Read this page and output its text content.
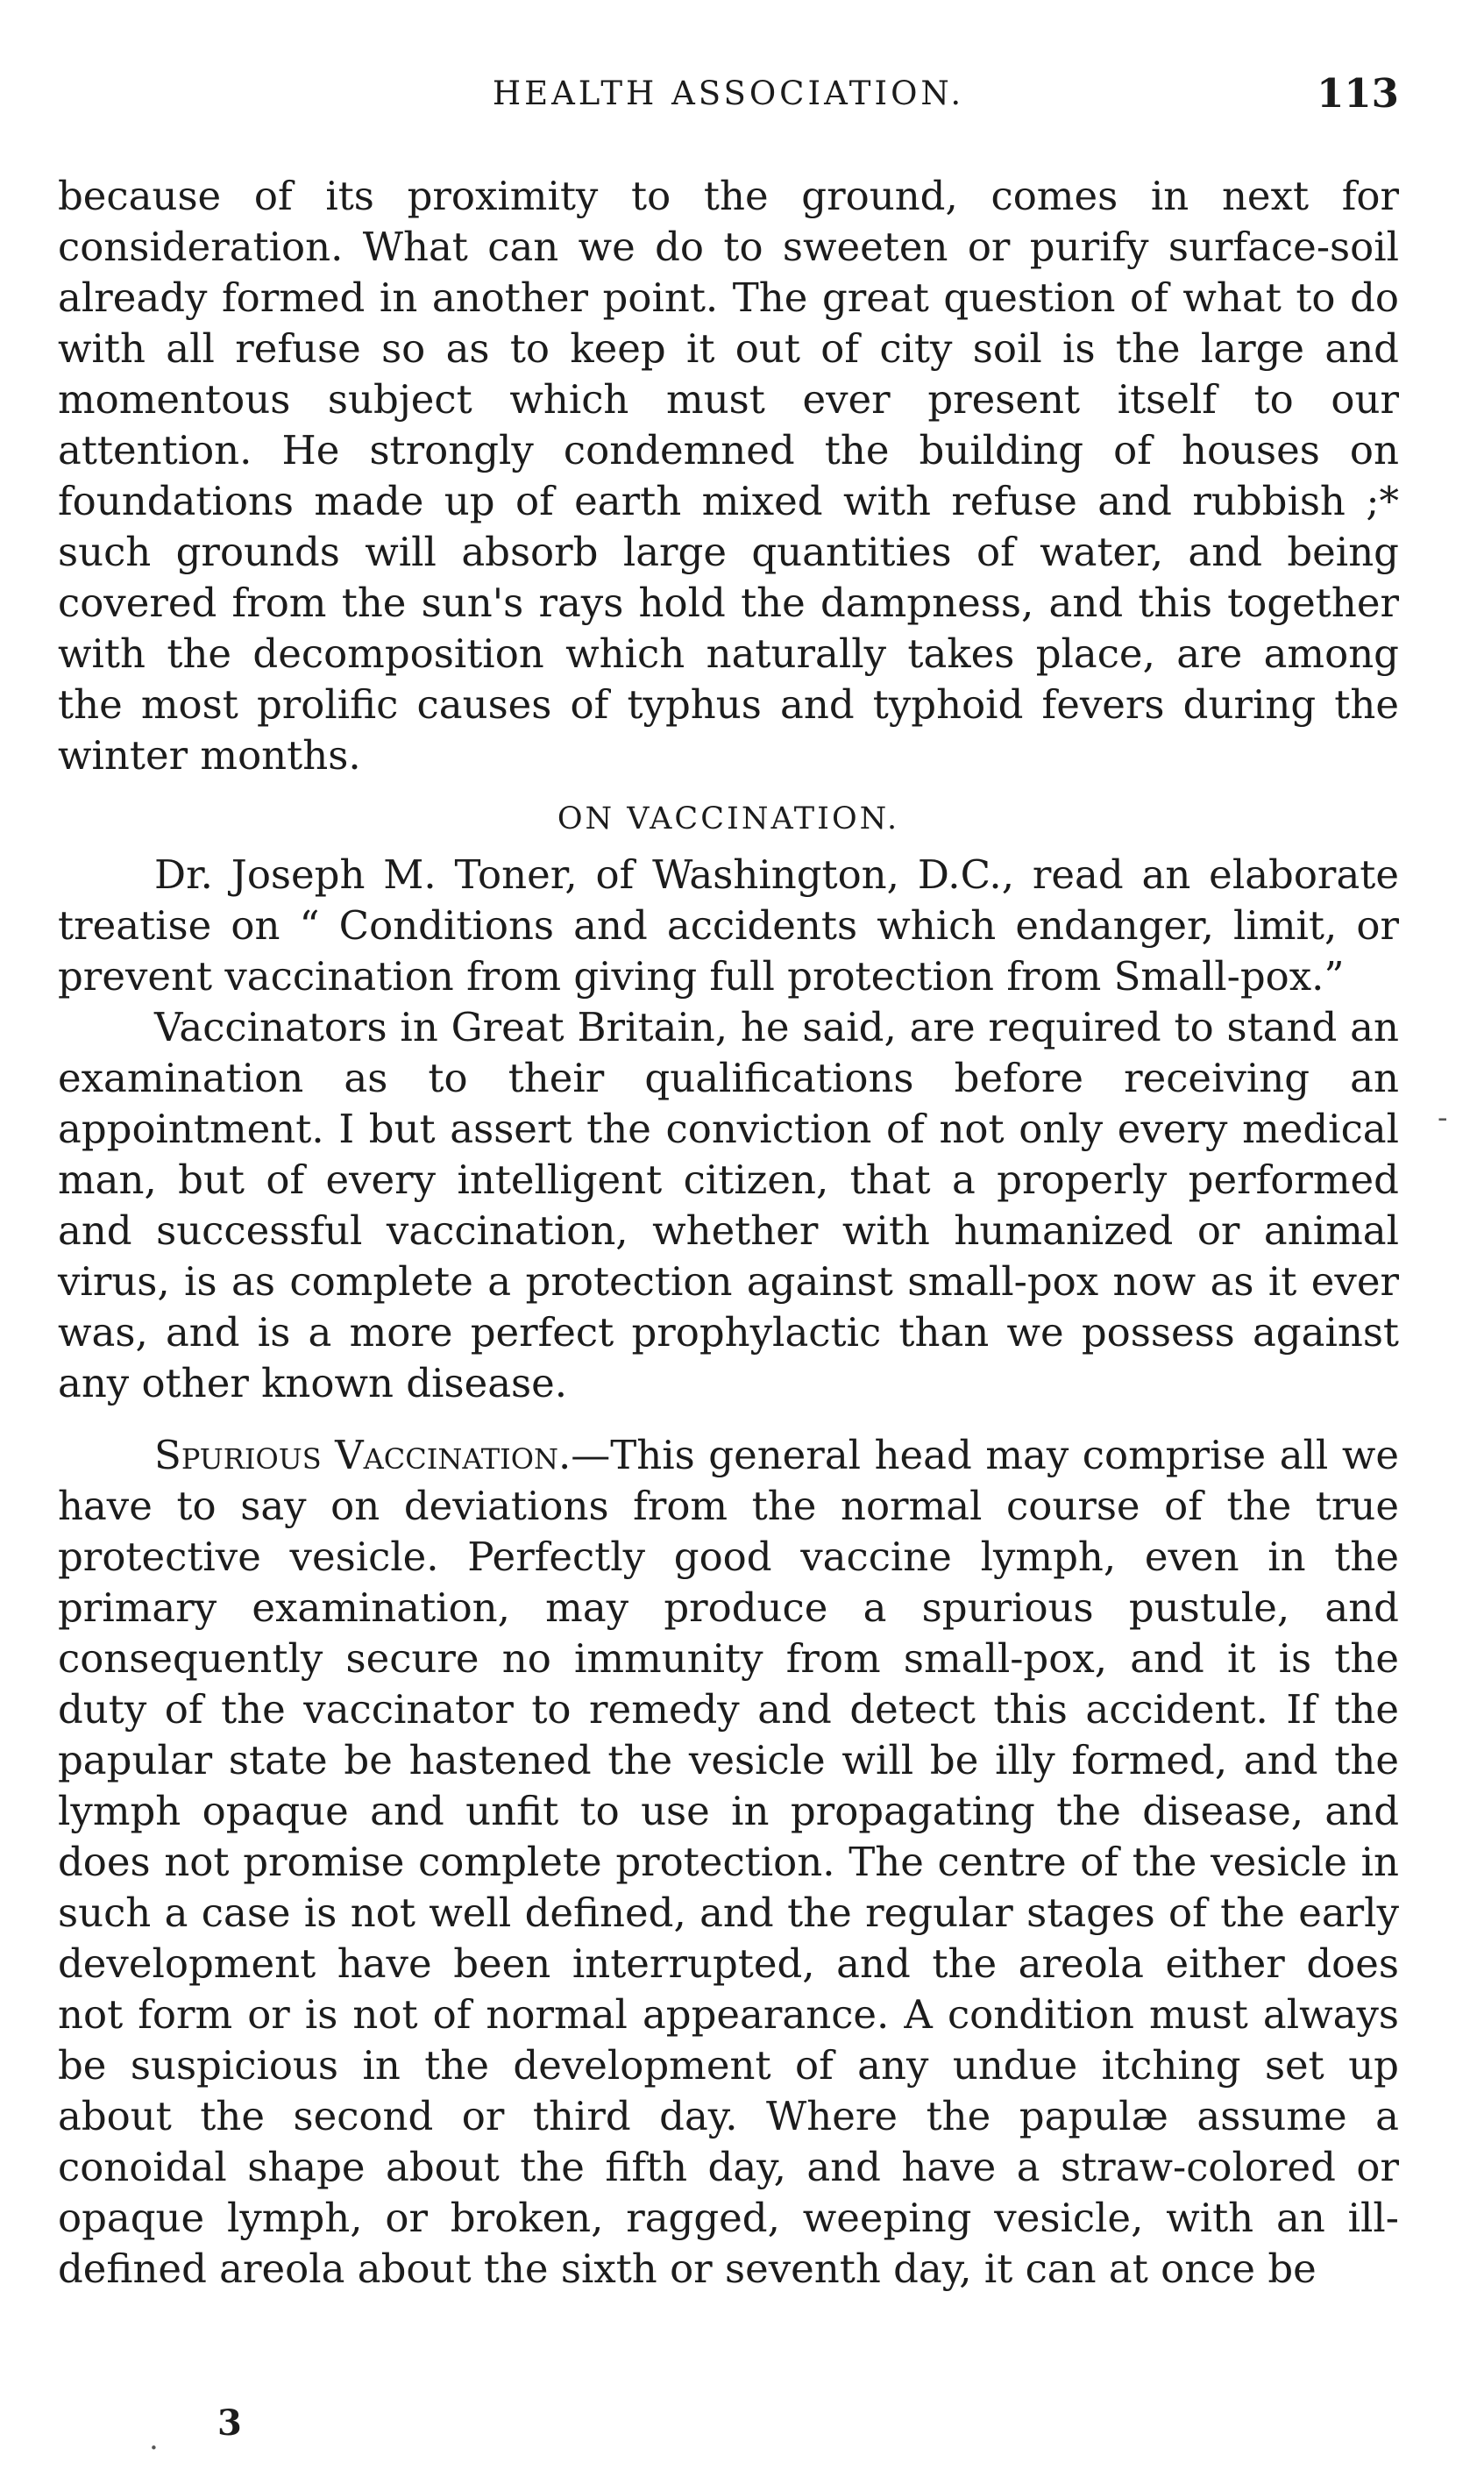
HEALTH ASSOCIATION.	113

because of its proximity to the ground, comes in next for consideration. What can we do to sweeten or purify surface-soil already formed in another point. The great question of what to do with all refuse so as to keep it out of city soil is the large and momentous subject which must ever present itself to our attention. He strongly condemned the building of houses on foundations made up of earth mixed with refuse and rubbish ;* such grounds will absorb large quantities of water, and being covered from the sun's rays hold the dampness, and this together with the decomposition which naturally takes place, are among the most prolific causes of typhus and typhoid fevers during the winter months.

ON VACCINATION.

Dr. Joseph M. Toner, of Washington, D.C., read an elaborate treatise on “ Conditions and accidents which endanger, limit, or prevent vaccination from giving full protection from Small-pox.”

Vaccinators in Great Britain, he said, are required to stand an examination as to their qualifications before receiving an appointment. I but assert the conviction of not only every medical man, but of every intelligent citizen, that a properly performed and successful vaccination, whether with humanized or animal virus, is as complete a protection against small-pox now as it ever was, and is a more perfect prophylactic than we possess against any other known disease.

Spurious Vaccination.—This general head may comprise all we have to say on deviations from the normal course of the true protective vesicle. Perfectly good vaccine lymph, even in the primary examination, may produce a spurious pustule, and consequently secure no immunity from small-pox, and it is the duty of the vaccinator to remedy and detect this accident. If the papular state be hastened the vesicle will be illy formed, and the lymph opaque and unfit to use in propagating the disease, and does not promise complete protection. The centre of the vesicle in such a case is not well defined, and the regular stages of the early development have been interrupted, and the areola either does not form or is not of normal appearance. A condition must always be suspicious in the development of any undue itching set up about the second or third day. Where the papulæ assume a conoidal shape about the fifth day, and have a straw-colored or opaque lymph, or broken, ragged, weeping vesicle, with an ill-defined areola about the sixth or seventh day, it can at once be

3
-
.
